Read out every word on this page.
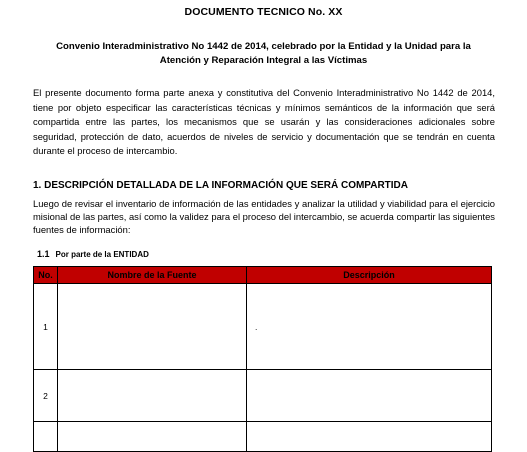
DOCUMENTO TECNICO No. XX
Convenio Interadministrativo No 1442 de 2014, celebrado por la Entidad y la Unidad para la Atención y Reparación Integral a las Víctimas
El presente documento forma parte anexa y constitutiva del Convenio Interadministrativo No 1442 de 2014, tiene por objeto especificar las características técnicas y mínimos semánticos de la información que será compartida entre las partes, los mecanismos que se usarán y las consideraciones adicionales sobre seguridad, protección de dato, acuerdos de niveles de servicio y documentación que se tendrán en cuenta durante el proceso de intercambio.
1. DESCRIPCIÓN DETALLADA DE LA INFORMACIÓN QUE SERÁ COMPARTIDA
Luego de revisar el inventario de información de las entidades y analizar la utilidad y viabilidad para el ejercicio misional de las partes, así como la validez para el proceso del intercambio, se acuerda compartir las siguientes fuentes de información:
1.1 Por parte de la ENTIDAD
No.	Nombre de la Fuente	Descripción
1		.
2		
